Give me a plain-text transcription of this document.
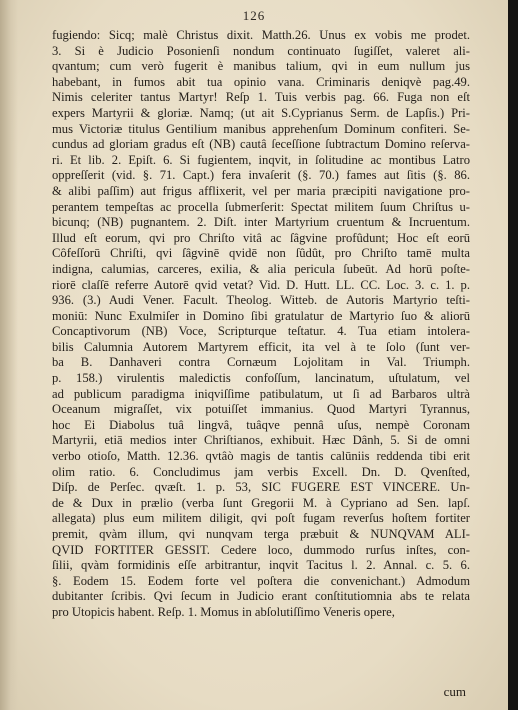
126
fugiendo: Sicq; malè Christus dixit. Matth.26. Unus ex vobis me prodet.
3. Si è Judicio Posonienſi nondum continuato ſugiſſet, valeret ali-
qvantum; cum verò fugerit è manibus talium, qvi in eum nullum jus
habebant, in fumos abit tua opinio vana. Criminaris deniqvè pag.49.
Nimis celeriter tantus Martyr! Reſp 1. Tuis verbis pag. 66. Fuga non eſt
expers Martyrii & gloriæ. Namq; (ut ait S.Cyprianus Serm. de Lapſis.) Pri-
mus Victoriæ titulus Gentilium manibus apprehenſum Dominum confiteri. Se-
cundus ad gloriam gradus eſt (NB) cautâ ſeceſſione ſubtractum Domino reſerva-
ri. Et lib. 2. Epiſt. 6. Si fugientem, inqvit, in ſolitudine ac montibus Latro
oppreſſerit (vid. §. 71. Capt.) fera invaſerit (§. 70.) fames aut ſitis (§. 86.
& alibi paſſim) aut frigus afflixerit, vel per maria præcipiti navigatione pro-
perantem tempeſtas ac procella ſubmerſerit: Spectat militem ſuum Chriſtus u-
bicunq; (NB) pugnantem. 2. Diſt. inter Martyrium cruentum & Incruentum.
Illud eſt eorum, qvi pro Chriſto vitâ ac ſâgvine profûdunt; Hoc eſt eorū
Côfeſſorū Chriſti, qvi ſâgvinē qvidē non ſûdût, pro Chriſto tamē multa
indigna, calumias, carceres, exilia, & alia pericula ſubeūt. Ad horū poſte-
riorē claſſē referre Autorē qvid vetat? Vid. D. Hutt. LL. CC. Loc. 3. c. 1. p.
936. (3.) Audi Vener. Facult. Theolog. Witteb. de Autoris Martyrio teſti-
moniū: Nunc Exulmiſer in Domino ſibi gratulatur de Martyrio ſuo & aliorū
Concaptivorum (NB) Voce, Scripturque teſtatur. 4. Tua etiam intolera-
bilis Calumnia Autorem Martyrem efficit, ita vel à te ſolo (ſunt ver-
ba B. Danhaveri contra Cornæum Lojolitam in Val. Triumph.
p. 158.) virulentis maledictis confoſſum, lancinatum, uſtulatum, vel
ad publicum paradigma iniqviſſime patibulatum, ut ſi ad Barbaros ultrà
Oceanum migraſſet, vix potuiſſet immanius. Quod Martyri Tyrannus,
hoc Ei Diabolus tuâ lingvâ, tuâqve pennâ uſus, nempè Coronam
Martyrii, etiā medios inter Chriſtianos, exhibuit. Hæc Dânh, 5. Si de omni
verbo otioſo, Matth. 12.36. qvtâò magis de tantis calūniis reddenda tibi erit
olim ratio. 6. Concludimus jam verbis Excell. Dn. D. Qvenſted,
Diſp. de Perſec. qvæſt. 1. p. 53, SIC FUGERE EST VINCERE. Un-
de & Dux in prælio (verba ſunt Gregorii M. à Cypriano ad Sen. lapſ.
allegata) plus eum militem diligit, qvi poſt fugam reverſus hoſtem fortiter
premit, qvàm illum, qvi nunqvam terga præbuit & NUNQVAM ALI-
QVID FORTITER GESSIT. Cedere loco, dummodo rurſus inſtes, con-
ſilii, qvàm formidinis eſſe arbitrantur, inqvit Tacitus l. 2. Annal. c. 5. 6.
§. Eodem 15. Eodem forte vel poſtera die convenichant.) Admodum
dubitanter ſcribis. Qvi ſecum in Judicio erant conſtitutiomnia abs te relata
pro Utopicis habent. Reſp. 1. Momus in abſolutiſſimo Veneris opere,
cum
